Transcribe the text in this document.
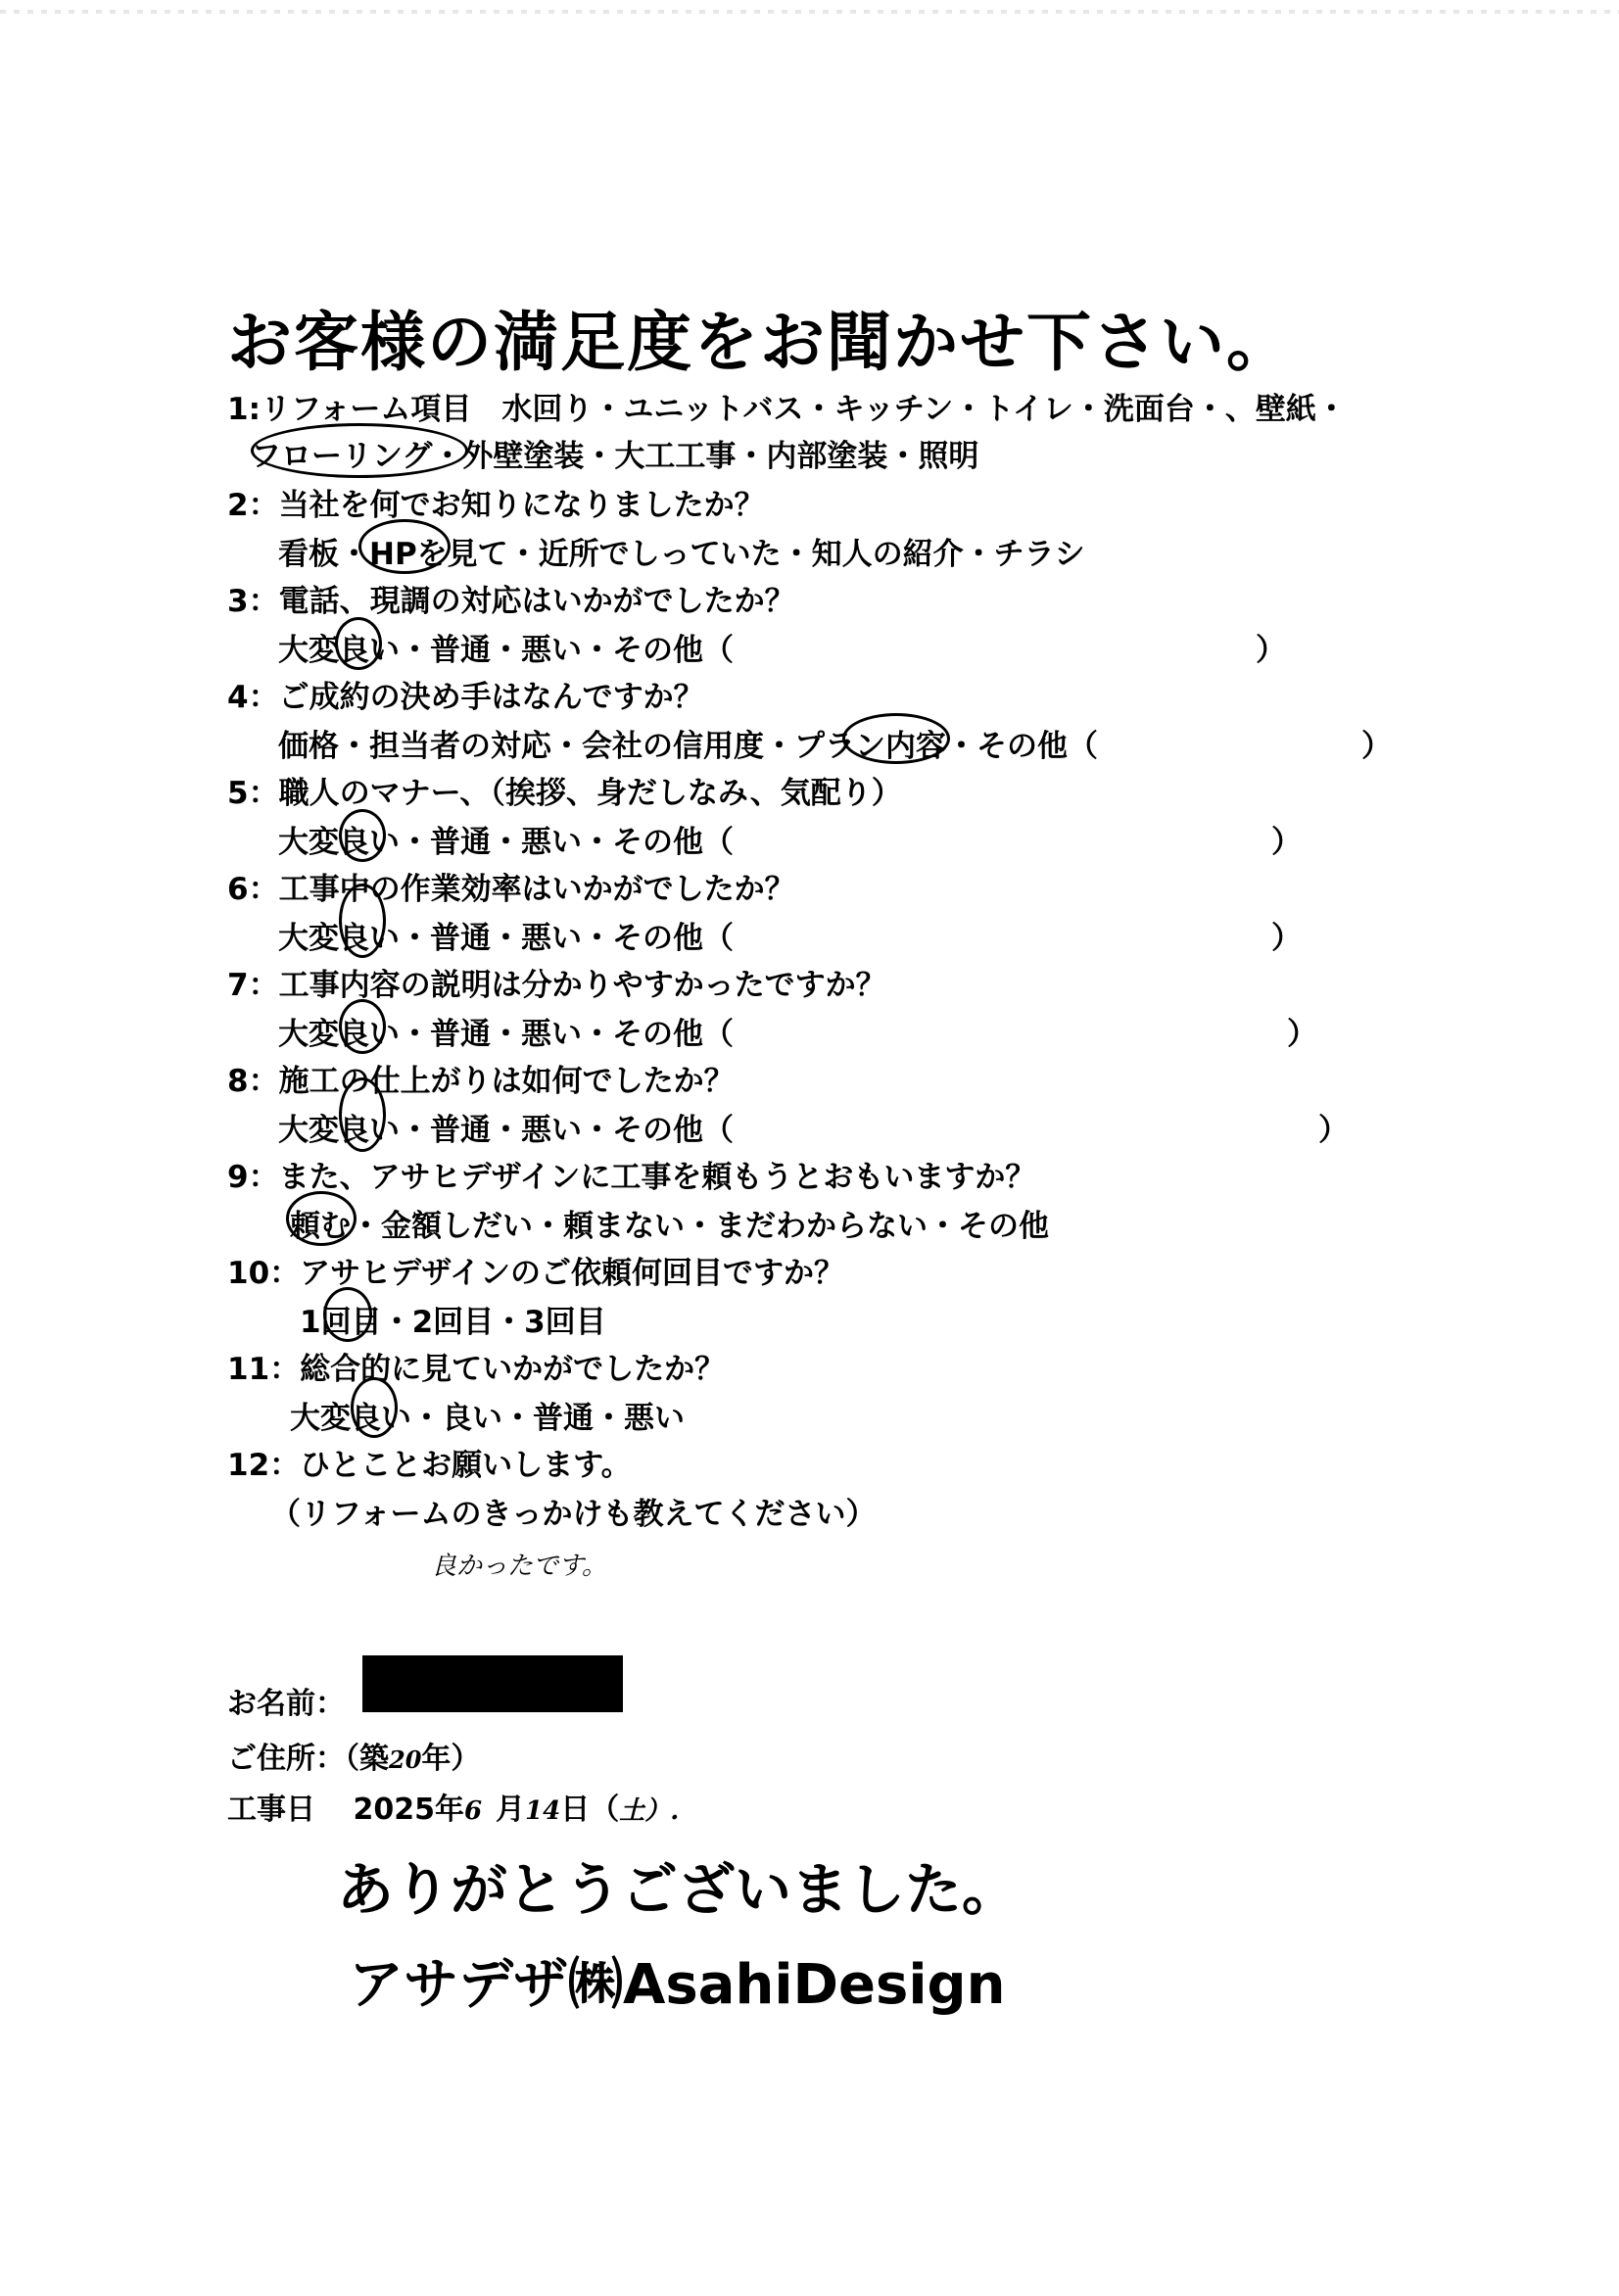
お客様の満足度をお聞かせ下さい。
1:リフォーム項目　水回り・ユニットバス・キッチン・トイレ・洗面台・、壁紙・
フローリング・外壁塗装・大工工事・内部塗装・照明
2：当社を何でお知りになりましたか？
看板・HPを見て・近所でしっていた・知人の紹介・チラシ
3：電話、現調の対応はいかがでしたか？
大変良い・普通・悪い・その他（	）
4：ご成約の決め手はなんですか？
価格・担当者の対応・会社の信用度・プラン内容・その他（	）
5：職人のマナー、（挨拶、身だしなみ、気配り）
大変良い・普通・悪い・その他（	）
6：工事中の作業効率はいかがでしたか？
大変良い・普通・悪い・その他（	）
7：工事内容の説明は分かりやすかったですか？
大変良い・普通・悪い・その他（	）
8：施工の仕上がりは如何でしたか？
大変良い・普通・悪い・その他（	）
9：また、アサヒデザインに工事を頼もうとおもいますか？
頼む・金額しだい・頼まない・まだわからない・その他
10：アサヒデザインのご依頼何回目ですか？
1回目・2回目・3回目
11：総合的に見ていかがでしたか？
大変良い・良い・普通・悪い
12：ひとことお願いします。
（リフォームのきっかけも教えてください）
良かったです。
お名前：
ご住所：（築20年）
工事日 2025年6 月14日（土）.
ありがとうございました。
アサデザ㈱AsahiDesign
